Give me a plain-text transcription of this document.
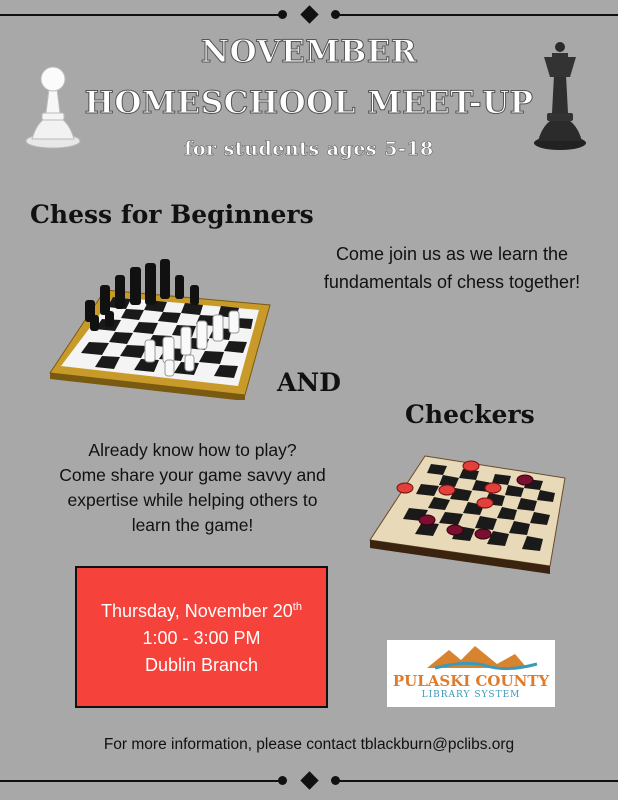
NOVEMBER
HOMESCHOOL MEET-UP
for students ages 5-18
Chess for Beginners
Come join us as we learn the
fundamentals of chess together!
AND
Checkers
Already know how to play?
Come share your game savvy and
expertise while helping others to
learn the game!
Thursday, November 20th
1:00 - 3:00 PM
Dublin Branch
PULASKI COUNTY
LIBRARY SYSTEM
For more information, please contact tblackburn@pclibs.org
